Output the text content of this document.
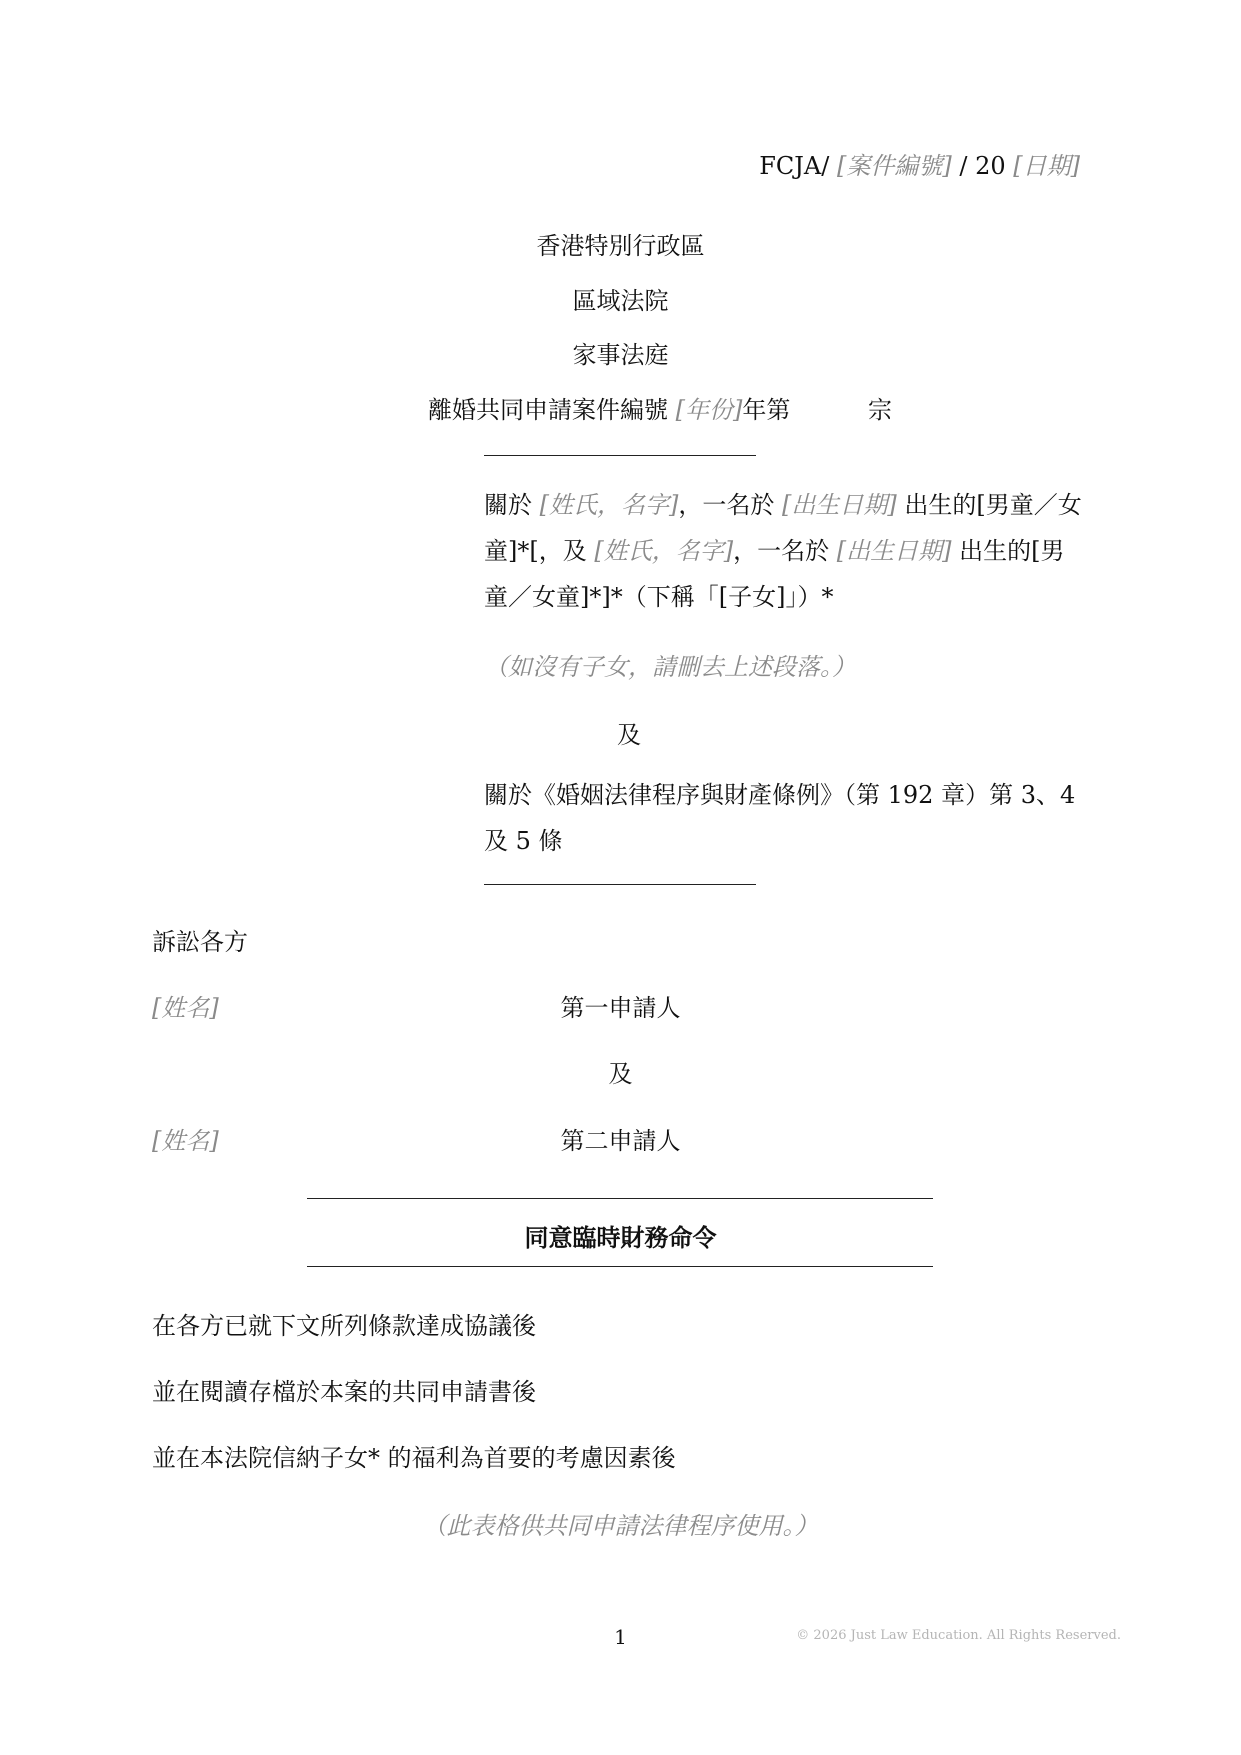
FCJA/ [案件編號] / 20 [日期]
香港特別行政區
區域法院
家事法庭
離婚共同申請案件編號 [年份]年第	宗
關於 [姓氏，名字]，一名於 [出生日期] 出生的[男童／女童]*[，及 [姓氏，名字]，一名於 [出生日期] 出生的[男童／女童]*]*（下稱「[子女]」）*
（如沒有子女，請刪去上述段落。）
及
關於《婚姻法律程序與財產條例》（第 192 章）第 3、4 及 5 條
訴訟各方
[姓名]	第一申請人
及
[姓名]	第二申請人
同意臨時財務命令
在各方已就下文所列條款達成協議後
並在閱讀存檔於本案的共同申請書後
並在本法院信納子女* 的福利為首要的考慮因素後
（此表格供共同申請法律程序使用。）
1	© 2026 Just Law Education. All Rights Reserved.
